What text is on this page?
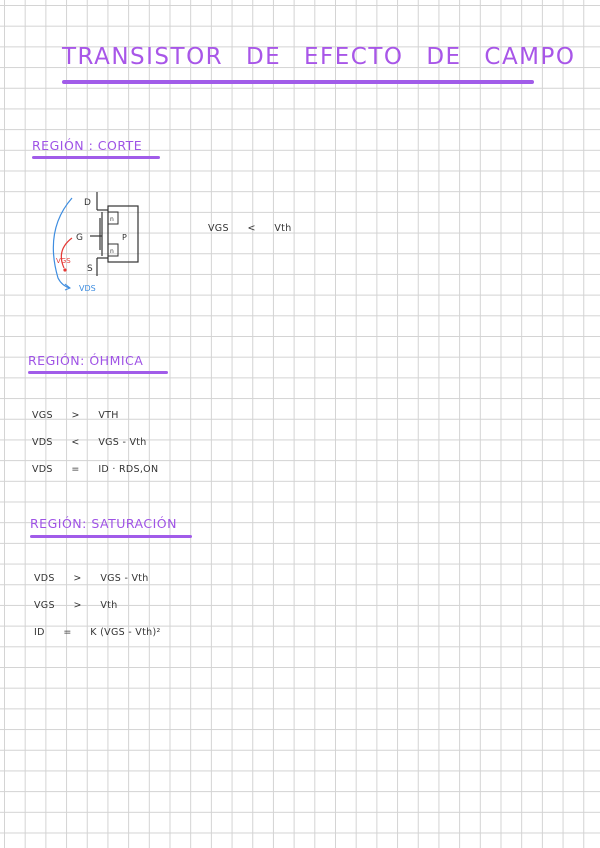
TRANSISTOR DE EFECTO DE CAMPO
REGIÓN : CORTE
n
n
P
D
G
S
VDS
VGS
VGS < Vth
REGIÓN: ÓHMICA
VGS > VTH
VDS < VGS - Vth
VDS = ID · RDS,ON
REGIÓN: SATURACIÓN
VDS > VGS - Vth
VGS > Vth
ID = K (VGS - Vth)²
